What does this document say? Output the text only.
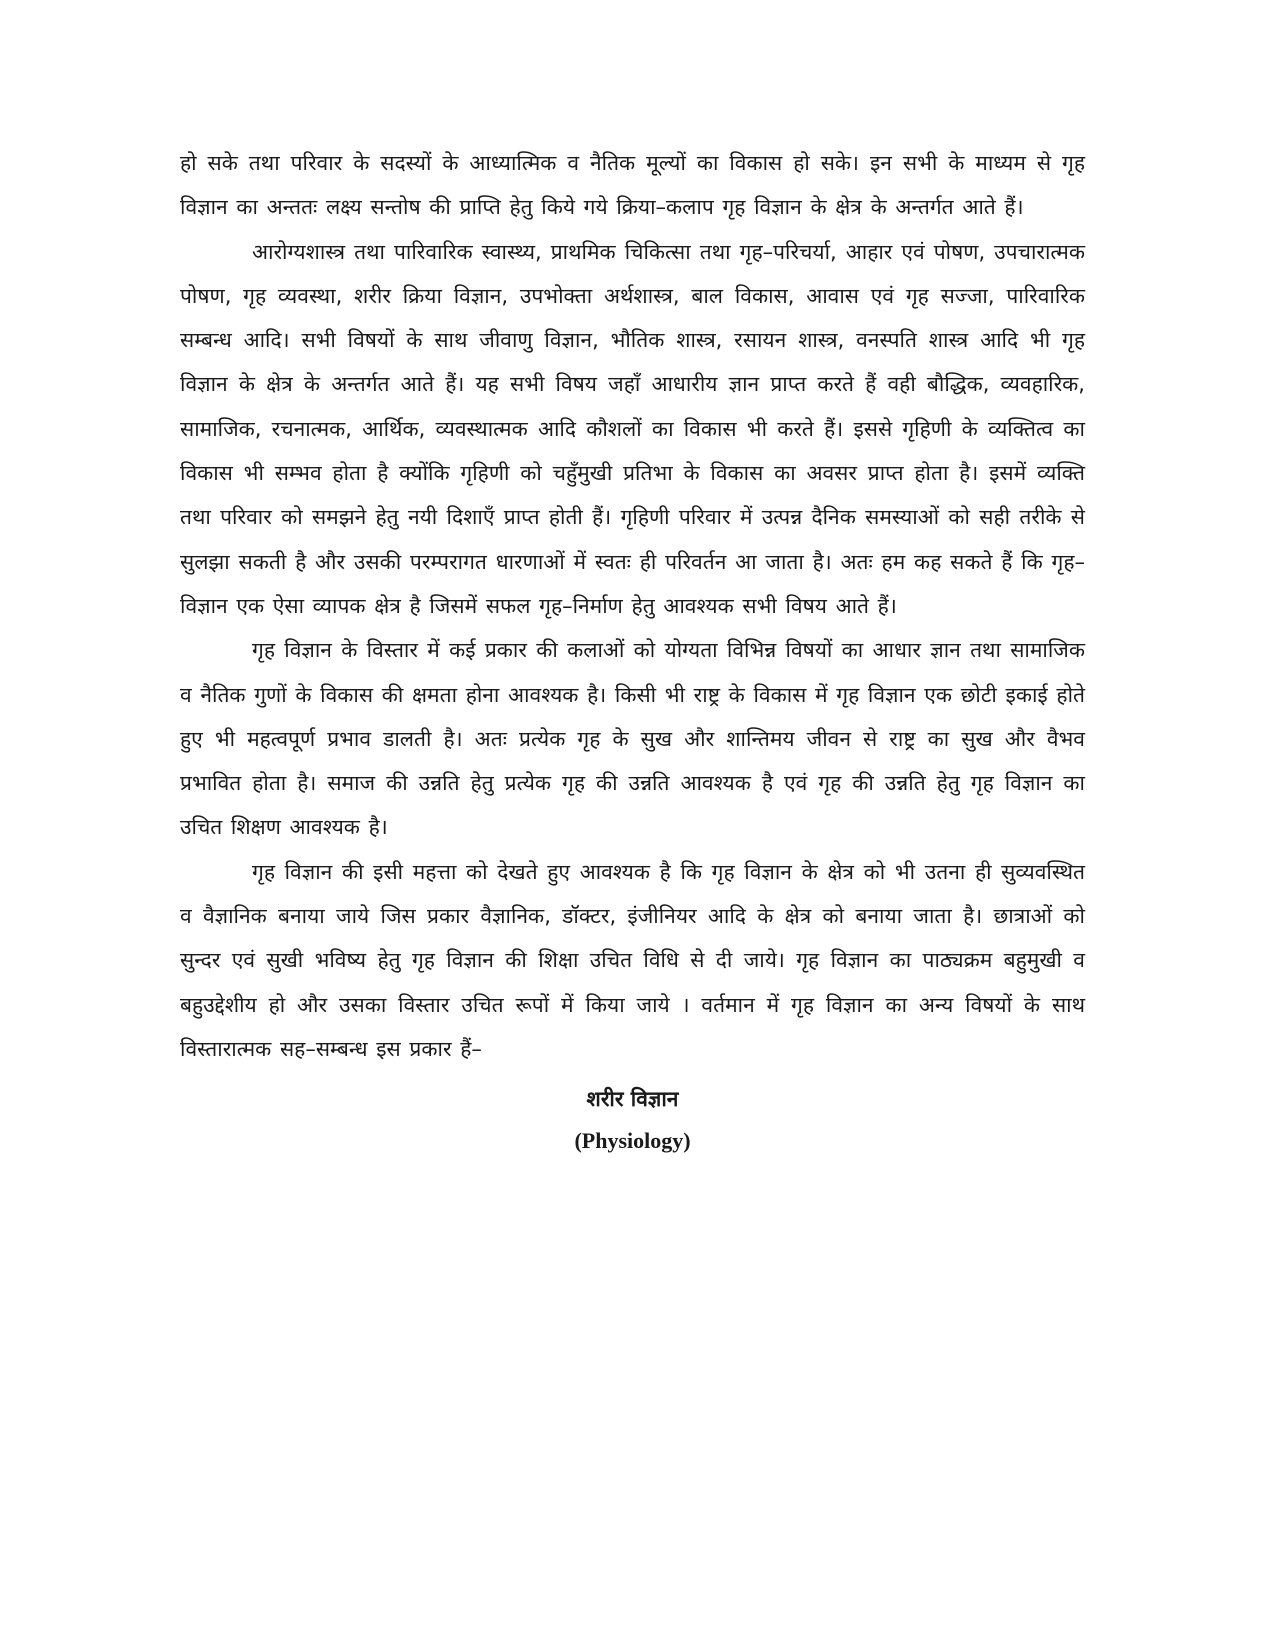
हो सके तथा परिवार के सदस्यों के आध्यात्मिक व नैतिक मूल्यों का विकास हो सके। इन सभी के माध्यम से गृह विज्ञान का अन्ततः लक्ष्य सन्तोष की प्राप्ति हेतु किये गये क्रिया–कलाप गृह विज्ञान के क्षेत्र के अन्तर्गत आते हैं।

आरोग्यशास्त्र तथा पारिवारिक स्वास्थ्य, प्राथमिक चिकित्सा तथा गृह–परिचर्या, आहार एवं पोषण, उपचारात्मक पोषण, गृह व्यवस्था, शरीर क्रिया विज्ञान, उपभोक्ता अर्थशास्त्र, बाल विकास, आवास एवं गृह सज्जा, पारिवारिक सम्बन्ध आदि। सभी विषयों के साथ जीवाणु विज्ञान, भौतिक शास्त्र, रसायन शास्त्र, वनस्पति शास्त्र आदि भी गृह विज्ञान के क्षेत्र के अन्तर्गत आते हैं। यह सभी विषय जहाँ आधारीय ज्ञान प्राप्त करते हैं वही बौद्धिक, व्यवहारिक, सामाजिक, रचनात्मक, आर्थिक, व्यवस्थात्मक आदि कौशलों का विकास भी करते हैं। इससे गृहिणी के व्यक्तित्व का विकास भी सम्भव होता है क्योंकि गृहिणी को चहुँमुखी प्रतिभा के विकास का अवसर प्राप्त होता है। इसमें व्यक्ति तथा परिवार को समझने हेतु नयी दिशाएँ प्राप्त होती हैं। गृहिणी परिवार में उत्पन्न दैनिक समस्याओं को सही तरीके से सुलझा सकती है और उसकी परम्परागत धारणाओं में स्वतः ही परिवर्तन आ जाता है। अतः हम कह सकते हैं कि गृह–विज्ञान एक ऐसा व्यापक क्षेत्र है जिसमें सफल गृह–निर्माण हेतु आवश्यक सभी विषय आते हैं।

गृह विज्ञान के विस्तार में कई प्रकार की कलाओं को योग्यता विभिन्न विषयों का आधार ज्ञान तथा सामाजिक व नैतिक गुणों के विकास की क्षमता होना आवश्यक है। किसी भी राष्ट्र के विकास में गृह विज्ञान एक छोटी इकाई होते हुए भी महत्वपूर्ण प्रभाव डालती है। अतः प्रत्येक गृह के सुख और शान्तिमय जीवन से राष्ट्र का सुख और वैभव प्रभावित होता है। समाज की उन्नति हेतु प्रत्येक गृह की उन्नति आवश्यक है एवं गृह की उन्नति हेतु गृह विज्ञान का उचित शिक्षण आवश्यक है।

गृह विज्ञान की इसी महत्ता को देखते हुए आवश्यक है कि गृह विज्ञान के क्षेत्र को भी उतना ही सुव्यवस्थित व वैज्ञानिक बनाया जाये जिस प्रकार वैज्ञानिक, डॉक्टर, इंजीनियर आदि के क्षेत्र को बनाया जाता है। छात्राओं को सुन्दर एवं सुखी भविष्य हेतु गृह विज्ञान की शिक्षा उचित विधि से दी जाये। गृह विज्ञान का पाठ्यक्रम बहुमुखी व बहुउद्देशीय हो और उसका विस्तार उचित रूपों में किया जाये । वर्तमान में गृह विज्ञान का अन्य विषयों के साथ विस्तारात्मक सह–सम्बन्ध इस प्रकार हैं–

शरीर विज्ञान

(Physiology)
